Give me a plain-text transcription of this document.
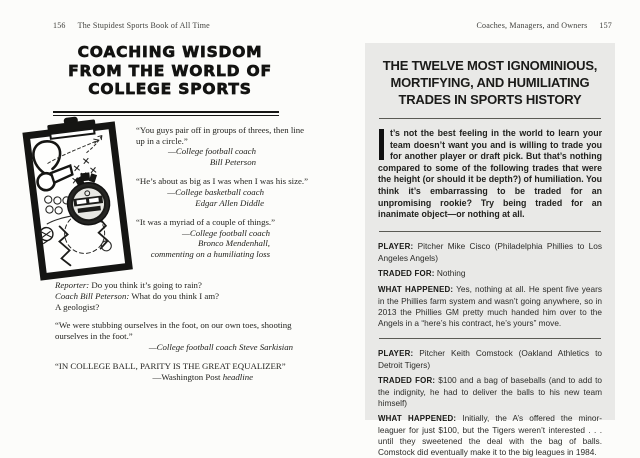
156 The Stupidest Sports Book of All Time
COACHING WISDOM
FROM THE WORLD OF
COLLEGE SPORTS
“You guys pair off in groups of threes, then line up in a circle.”
—College football coach
Bill Peterson
“He’s about as big as I was when I was his size.”
—College basketball coach
Edgar Allen Diddle
“It was a myriad of a couple of things.”
—College football coach
Bronco Mendenhall,
commenting on a humiliating loss
Reporter: Do you think it’s going to rain?
Coach Bill Peterson: What do you think I am?
A geologist?
“We were stubbing ourselves in the foot, on our own toes, shooting ourselves in the foot.”
—College football coach Steve Sarkisian
“IN COLLEGE BALL, PARITY IS THE GREAT EQUALIZER”
—Washington Post headline
Coaches, Managers, and Owners 157
THE TWELVE MOST IGNOMINIOUS,
MORTIFYING, AND HUMILIATING
TRADES IN SPORTS HISTORY
t’s not the best feeling in the world to learn your team doesn’t want you and is willing to trade you for another player or draft pick. But that’s nothing compared to some of the following trades that were the height (or should it be depth?) of humiliation. You think it’s embarrassing to be traded for an unpromising rookie? Try being traded for an inanimate object—or nothing at all.

PLAYER: Pitcher Mike Cisco (Philadelphia Phillies to Los Angeles Angels)

TRADED FOR: Nothing

WHAT HAPPENED: Yes, nothing at all. He spent five years in the Phillies farm system and wasn’t going anywhere, so in 2013 the Phillies GM pretty much handed him over to the Angels in a “here’s his contract, he’s yours” move.

PLAYER: Pitcher Keith Comstock (Oakland Athletics to Detroit Tigers)

TRADED FOR: $100 and a bag of baseballs (and to add to the indignity, he had to deliver the balls to his new team himself)

WHAT HAPPENED: Initially, the A’s offered the minor-leaguer for just $100, but the Tigers weren’t interested . . . until they sweetened the deal with the bag of balls. Comstock did eventually make it to the big leagues in 1984.
